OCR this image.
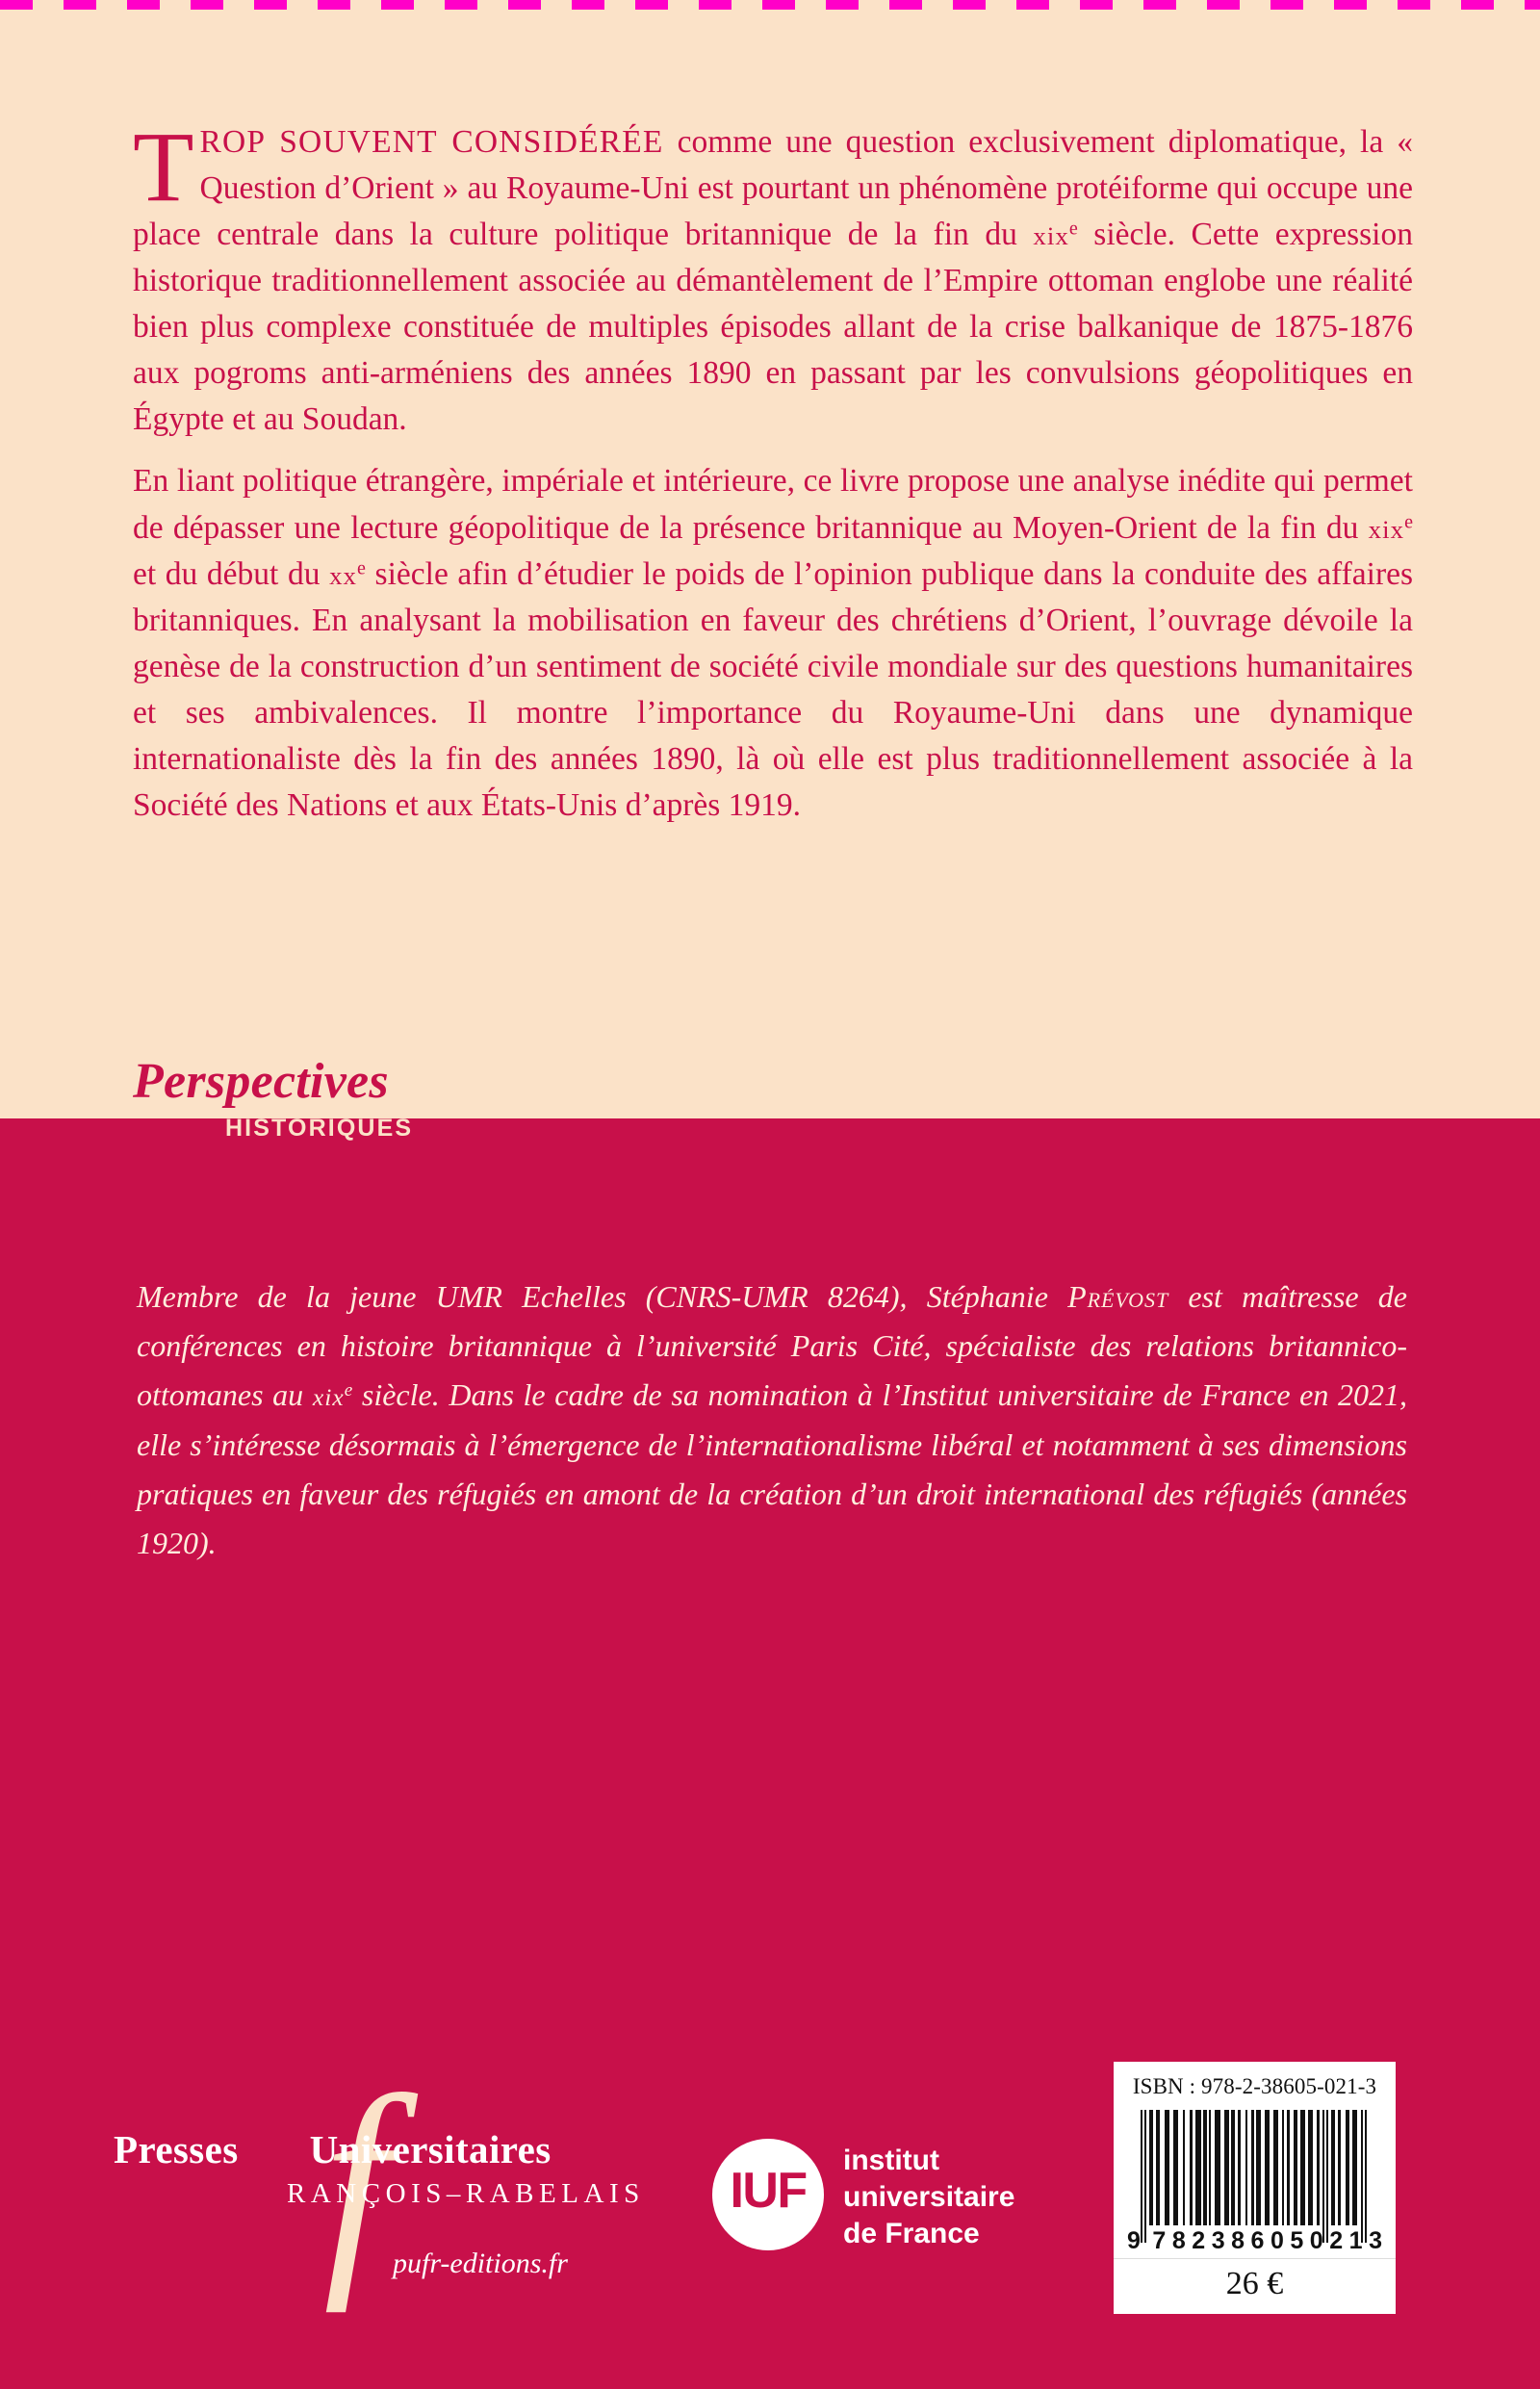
TROP SOUVENT CONSIDÉRÉE comme une question exclusivement diplomatique, la « Question d’Orient » au Royaume-Uni est pourtant un phénomène protéiforme qui occupe une place centrale dans la culture politique britannique de la fin du xix$^e$ siècle. Cette expression historique traditionnellement associée au démantèlement de l’Empire ottoman englobe une réalité bien plus complexe constituée de multiples épisodes allant de la crise balkanique de 1875-1876 aux pogroms anti-arméniens des années 1890 en passant par les convulsions géopolitiques en Égypte et au Soudan.

En liant politique étrangère, impériale et intérieure, ce livre propose une analyse inédite qui permet de dépasser une lecture géopolitique de la présence britannique au Moyen-Orient de la fin du xix$^e$ et du début du $xx^e$ siècle afin d’étudier le poids de l’opinion publique dans la conduite des affaires britanniques. En analysant la mobilisation en faveur des chrétiens d’Orient, l’ouvrage dévoile la genèse de la construction d’un sentiment de société civile mondiale sur des questions humanitaires et ses ambivalences. Il montre l’importance du Royaume-Uni dans une dynamique internationaliste dès la fin des années 1890, là où elle est plus traditionnellement associée à la Société des Nations et aux États-Unis d’après 1919.

Perspectives
HISTORIQUES
Membre de la jeune UMR Echelles (CNRS-UMR 8264), Stéphanie Prévost est maîtresse de conférences en histoire britannique à l’université Paris Cité, spécialiste des relations britannico-ottomanes au xix$^e$ siècle. Dans le cadre de sa nomination à l’Institut universitaire de France en 2021, elle s’intéresse désormais à l’émergence de l’internationalisme libéral et notamment à ses dimensions pratiques en faveur des réfugiés en amont de la création d’un droit international des réfugiés (années 1920).
f
Presses Universitaires
RANÇOIS–RABELAIS
pufr-editions.fr
IUF
institut
universitaire
de France
ISBN : 978-2-38605-021-3
9 7 8 2 3 8 6 0 5 0 2 1 3
26 €
